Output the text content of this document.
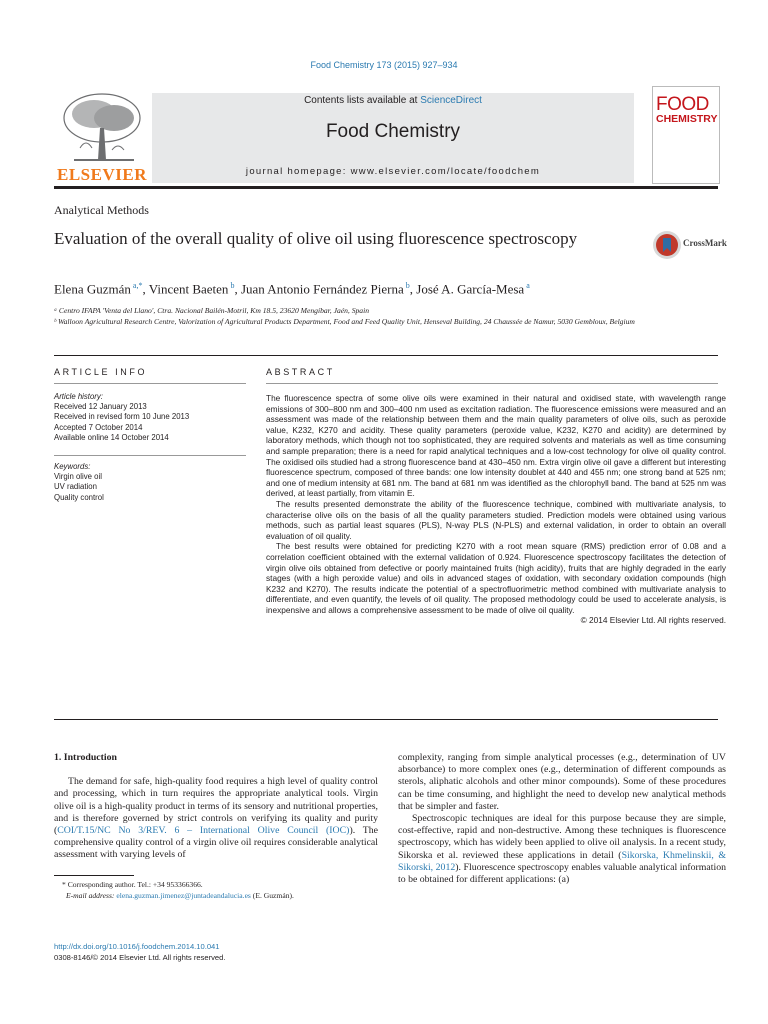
Food Chemistry 173 (2015) 927–934
ELSEVIER
Contents lists available at ScienceDirect
Food Chemistry
journal homepage: www.elsevier.com/locate/foodchem
FOOD
CHEMISTRY
Analytical Methods
Evaluation of the overall quality of olive oil using fluorescence spectroscopy	CrossMark
Elena Guzmán $^{a,*}$, Vincent Baeten $^b$, Juan Antonio Fernández Pierna $^b$, José A. García-Mesa $^a$
ᵃ Centro IFAPA 'Venta del Llano', Ctra. Nacional Bailén-Motril, Km 18.5, 23620 Mengíbar, Jaén, Spain
ᵇ Walloon Agricultural Research Centre, Valorization of Agricultural Products Department, Food and Feed Quality Unit, Henseval Building, 24 Chaussée de Namur, 5030 Gembloux, Belgium
ARTICLE INFO
Article history:
Received 12 January 2013
Received in revised form 10 June 2013
Accepted 7 October 2014
Available online 14 October 2014
Keywords:
Virgin olive oil
UV radiation
Quality control
ABSTRACT

The fluorescence spectra of some olive oils were examined in their natural and oxidised state, with wavelength range emissions of 300–800 nm and 300–400 nm used as excitation radiation. The fluorescence emissions were measured and an assessment was made of the relationship between them and the main quality parameters of olive oils, such as peroxide value, K232, K270 and acidity. These quality parameters (peroxide value, K232, K270 and acidity) are determined by laboratory methods, which though not too sophisticated, they are required solvents and materials as well as time consuming and sample preparation; there is a need for rapid analytical techniques and a low-cost technology for olive oil quality control. The oxidised oils studied had a strong fluorescence band at 430–450 nm. Extra virgin olive oil gave a different but interesting fluorescence spectrum, composed of three bands: one low intensity doublet at 440 and 455 nm; one strong band at 525 nm; and one of medium intensity at 681 nm. The band at 681 nm was identified as the chlorophyll band. The band at 525 nm was derived, at least partially, from vitamin E.

The results presented demonstrate the ability of the fluorescence technique, combined with multivariate analysis, to characterise olive oils on the basis of all the quality parameters studied. Prediction models were obtained using various methods, such as partial least squares (PLS), N-way PLS (N-PLS) and external validation, in order to obtain an overall evaluation of oil quality.

The best results were obtained for predicting K270 with a root mean square (RMS) prediction error of 0.08 and a correlation coefficient obtained with the external validation of 0.924. Fluorescence spectroscopy facilitates the detection of virgin olive oils obtained from defective or poorly maintained fruits (high acidity), fruits that are highly degraded in the early stages (with a high peroxide value) and oils in advanced stages of oxidation, with secondary oxidation compounds (high K232 and K270). The results indicate the potential of a spectrofluorimetric method combined with multivariate analysis to differentiate, and even quantify, the levels of oil quality. The proposed methodology could be used to accelerate analysis, is inexpensive and allows a comprehensive assessment to be made of olive oil quality.

© 2014 Elsevier Ltd. All rights reserved.

1. Introduction

The demand for safe, high-quality food requires a high level of quality control and processing, which in turn requires the appropriate analytical tools. Virgin olive oil is a high-quality product in terms of its sensory and nutritional properties, and is therefore governed by strict controls on verifying its quality and purity (COI/T.15/NC No 3/REV. 6 – International Olive Council (IOC)). The comprehensive quality control of a virgin olive oil requires considerable analytical assessment with varying levels of

* Corresponding author. Tel.: +34 953366366.
E-mail address: elena.guzman.jimenez@juntadeandalucia.es (E. Guzmán).
http://dx.doi.org/10.1016/j.foodchem.2014.10.041
0308-8146/© 2014 Elsevier Ltd. All rights reserved.

complexity, ranging from simple analytical processes (e.g., determination of UV absorbance) to more complex ones (e.g., determination of different compounds as sterols, aliphatic alcohols and other minor compounds). Some of these procedures can be time consuming, and highlight the need to develop new analytical methods that be simpler and faster.

Spectroscopic techniques are ideal for this purpose because they are simple, cost-effective, rapid and non-destructive. Among these techniques is fluorescence spectroscopy, which has widely been applied to olive oil analysis. In a recent study, Sikorska et al. reviewed these applications in detail (Sikorska, Khmelinskii, & Sikorski, 2012). Fluorescence spectroscopy enables valuable analytical information to be obtained for different applications: (a)
